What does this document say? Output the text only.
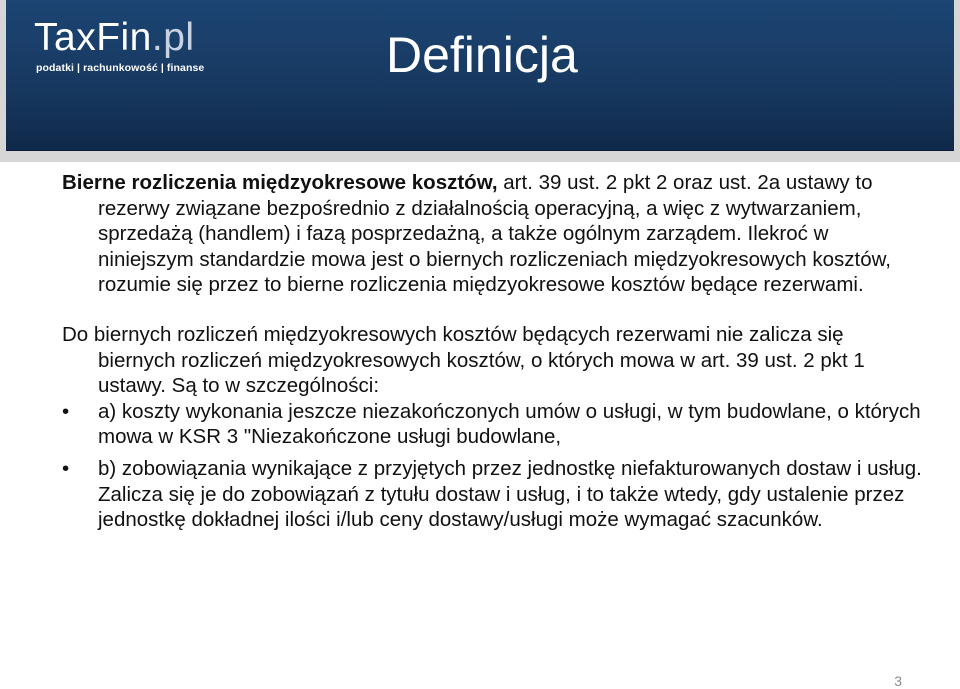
TaxFin.pl
podatki | rachunkowość | finanse	Definicja
Bierne rozliczenia międzyokresowe kosztów, art. 39 ust. 2 pkt 2 oraz ust. 2a ustawy to rezerwy związane bezpośrednio z działalnością operacyjną, a więc z wytwarzaniem, sprzedażą (handlem) i fazą posprzedażną, a także ogólnym zarządem. Ilekroć w niniejszym standardzie mowa jest o biernych rozliczeniach międzyokresowych kosztów, rozumie się przez to bierne rozliczenia międzyokresowe kosztów będące rezerwami.
Do biernych rozliczeń międzyokresowych kosztów będących rezerwami nie zalicza się biernych rozliczeń międzyokresowych kosztów, o których mowa w art. 39 ust. 2 pkt 1 ustawy. Są to w szczególności:
• a) koszty wykonania jeszcze niezakończonych umów o usługi, w tym budowlane, o których mowa w KSR 3 "Niezakończone usługi budowlane,
• b) zobowiązania wynikające z przyjętych przez jednostkę niefakturowanych dostaw i usług. Zalicza się je do zobowiązań z tytułu dostaw i usług, i to także wtedy, gdy ustalenie przez jednostkę dokładnej ilości i/lub ceny dostawy/usługi może wymagać szacunków.
3
